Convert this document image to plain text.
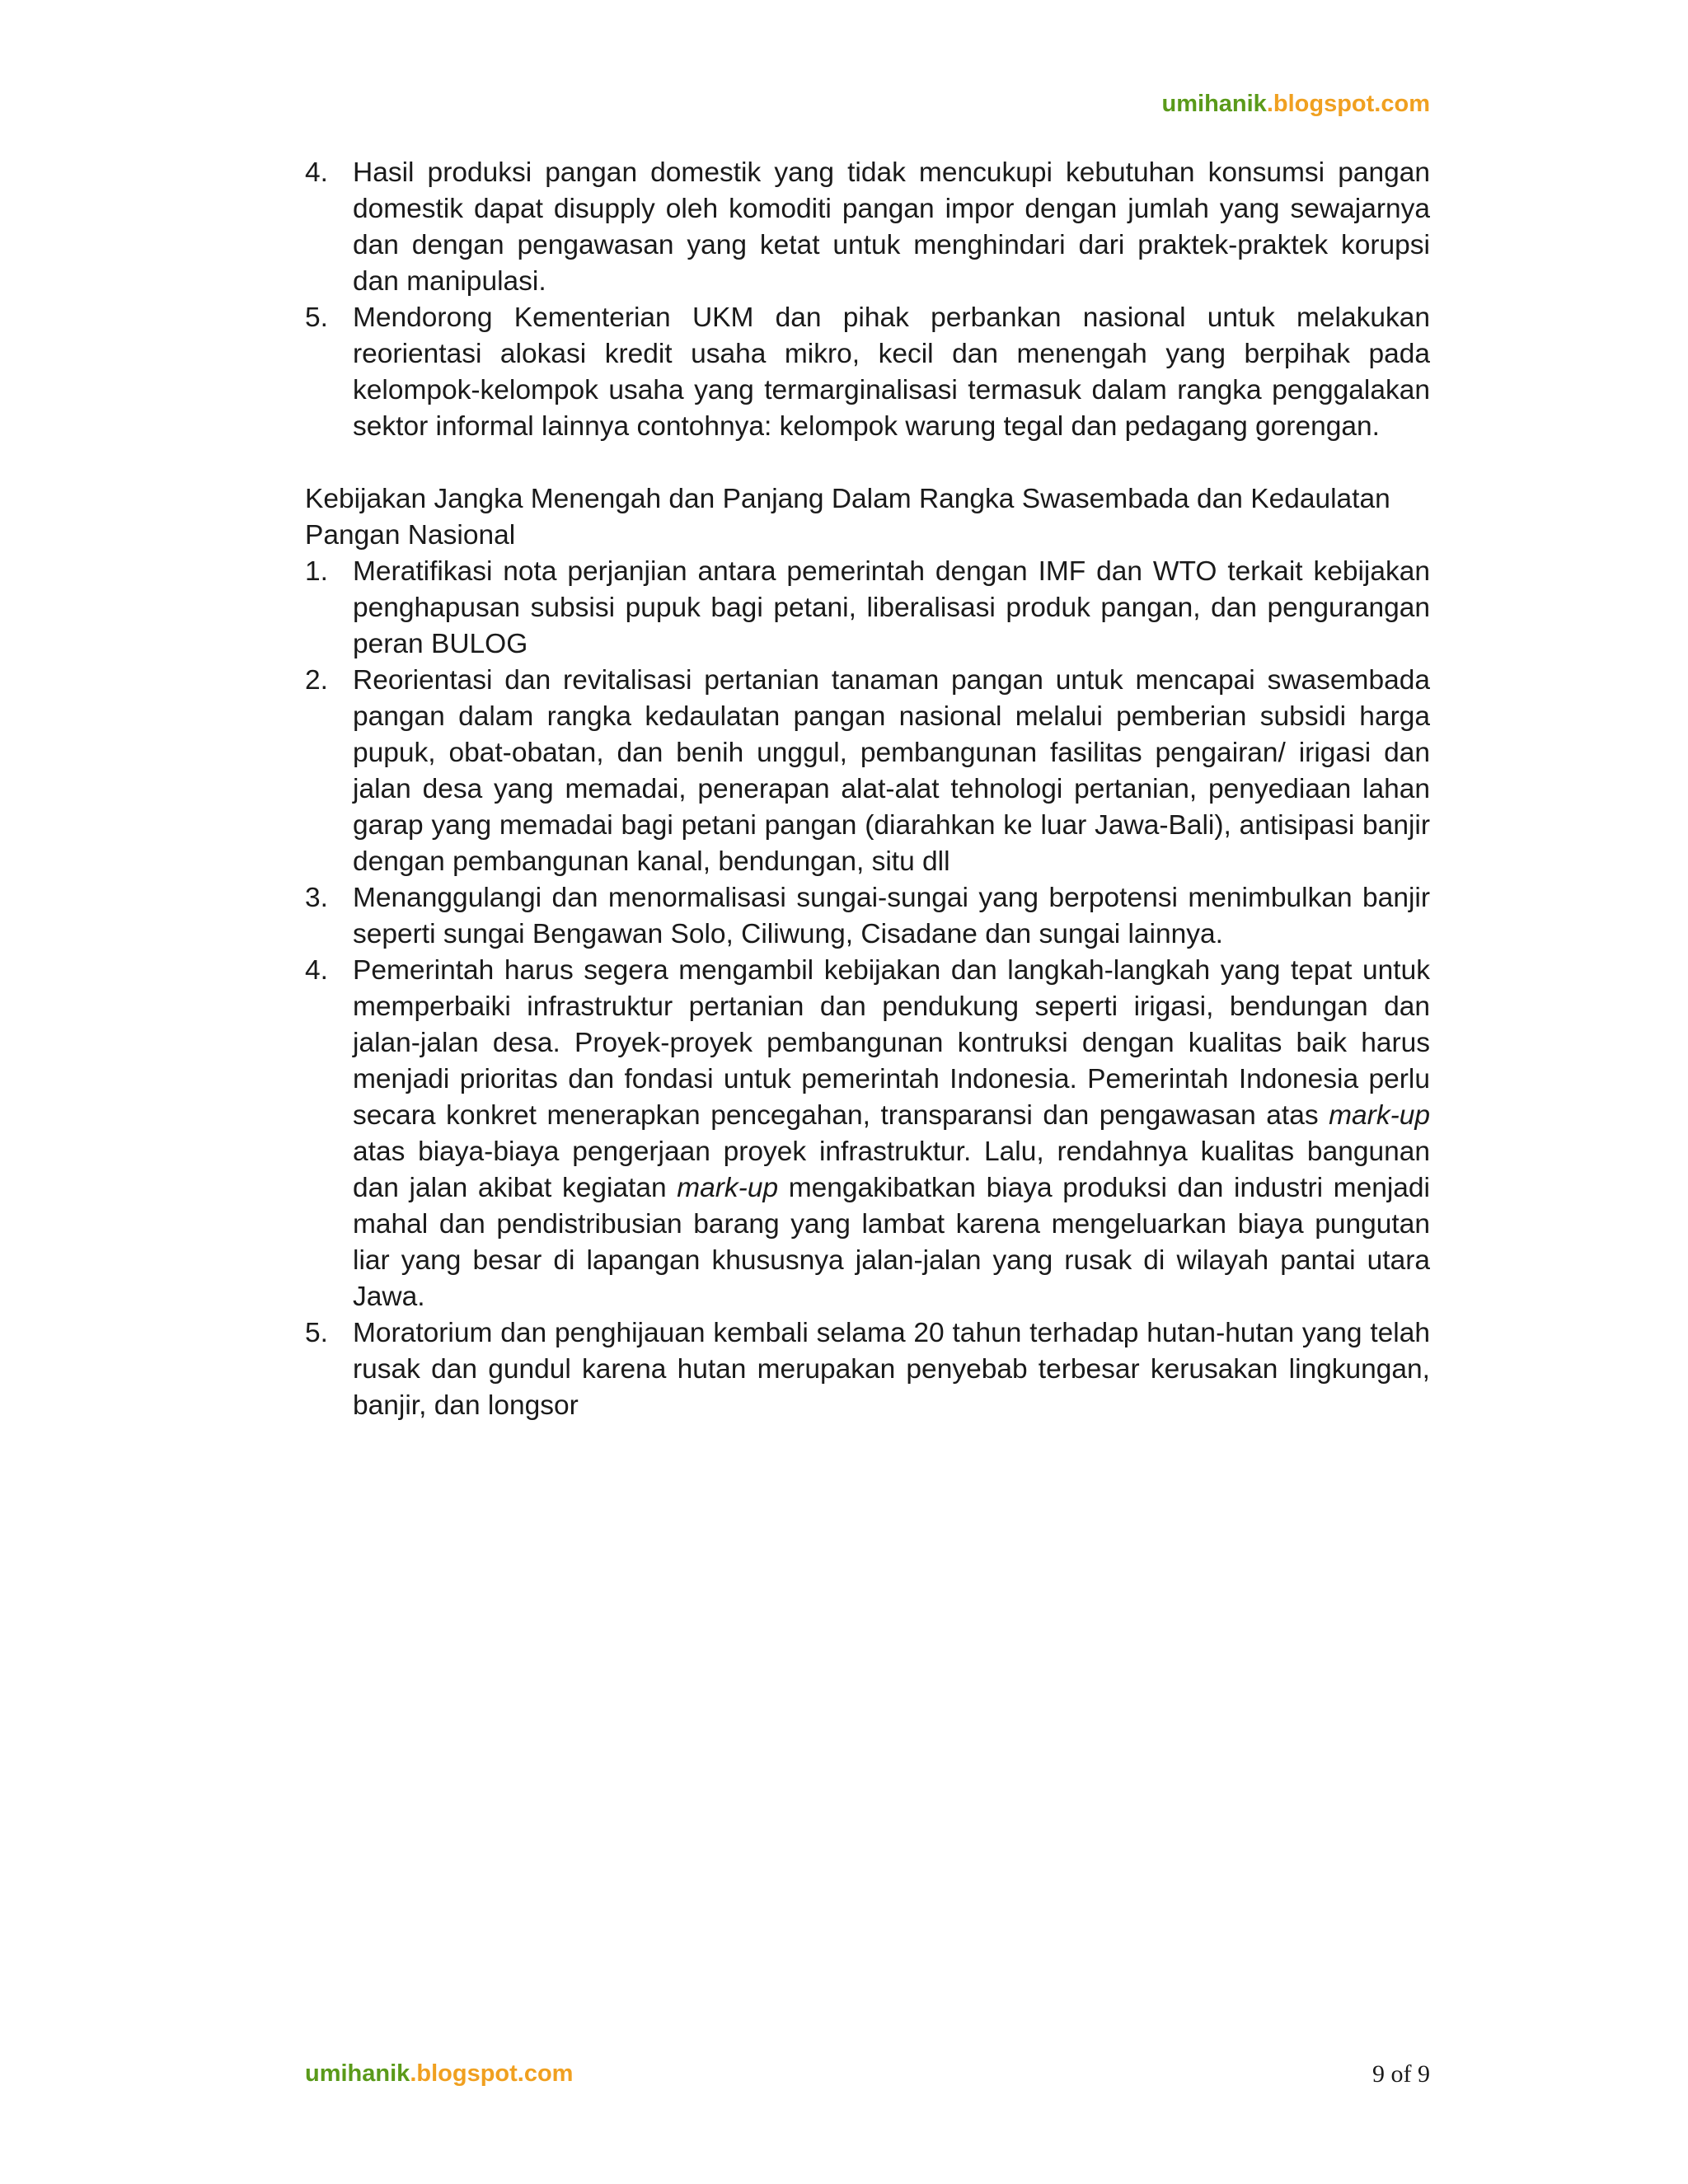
umihanik.blogspot.com
4. Hasil produksi pangan domestik yang tidak mencukupi kebutuhan konsumsi pangan domestik dapat disupply oleh komoditi pangan impor dengan jumlah yang sewajarnya dan dengan pengawasan yang ketat untuk menghindari dari praktek-praktek korupsi dan manipulasi.
5. Mendorong Kementerian UKM dan pihak perbankan nasional untuk melakukan reorientasi alokasi kredit usaha mikro, kecil dan menengah yang berpihak pada kelompok-kelompok usaha yang termarginalisasi termasuk dalam rangka penggalakan sektor informal lainnya contohnya: kelompok warung tegal dan pedagang gorengan.
Kebijakan Jangka Menengah dan Panjang Dalam Rangka Swasembada dan Kedaulatan Pangan Nasional
1. Meratifikasi nota perjanjian antara pemerintah dengan IMF dan WTO terkait kebijakan penghapusan subsisi pupuk bagi petani, liberalisasi produk pangan, dan pengurangan peran BULOG
2. Reorientasi dan revitalisasi pertanian tanaman pangan untuk mencapai swasembada pangan dalam rangka kedaulatan pangan nasional melalui pemberian subsidi harga pupuk, obat-obatan, dan benih unggul, pembangunan fasilitas pengairan/ irigasi dan jalan desa yang memadai, penerapan alat-alat tehnologi pertanian, penyediaan lahan garap yang memadai bagi petani pangan (diarahkan ke luar Jawa-Bali), antisipasi banjir dengan pembangunan kanal, bendungan, situ dll
3. Menanggulangi dan menormalisasi sungai-sungai yang berpotensi menimbulkan banjir seperti sungai Bengawan Solo, Ciliwung, Cisadane dan sungai lainnya.
4. Pemerintah harus segera mengambil kebijakan dan langkah-langkah yang tepat untuk memperbaiki infrastruktur pertanian dan pendukung seperti irigasi, bendungan dan jalan-jalan desa. Proyek-proyek pembangunan kontruksi dengan kualitas baik harus menjadi prioritas dan fondasi untuk pemerintah Indonesia. Pemerintah Indonesia perlu secara konkret menerapkan pencegahan, transparansi dan pengawasan atas mark-up atas biaya-biaya pengerjaan proyek infrastruktur. Lalu, rendahnya kualitas bangunan dan jalan akibat kegiatan mark-up mengakibatkan biaya produksi dan industri menjadi mahal dan pendistribusian barang yang lambat karena mengeluarkan biaya pungutan liar yang besar di lapangan khususnya jalan-jalan yang rusak di wilayah pantai utara Jawa.
5. Moratorium dan penghijauan kembali selama 20 tahun terhadap hutan-hutan yang telah rusak dan gundul karena hutan merupakan penyebab terbesar kerusakan lingkungan, banjir, dan longsor
umihanik.blogspot.com	9 of 9
